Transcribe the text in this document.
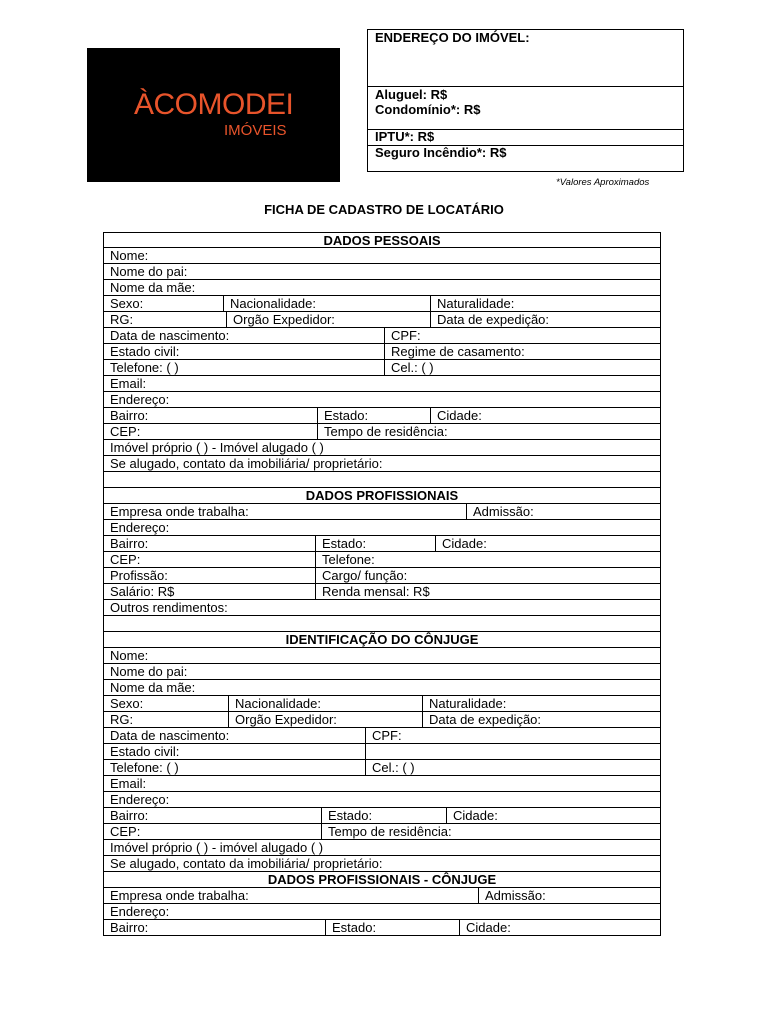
ÀCOMODEI
IMÓVEIS
ENDEREÇO DO IMÓVEL:
Aluguel: R$
Condomínio*: R$
IPTU*: R$
Seguro Incêndio*: R$
*Valores Aproximados
FICHA DE CADASTRO DE LOCATÁRIO
DADOS PESSOAIS
Nome:
Nome do pai:
Nome da mãe:
Sexo:	Nacionalidade:	Naturalidade:
RG:	Orgão Expedidor:	Data de expedição:
Data de nascimento:	CPF:
Estado civil:	Regime de casamento:
Telefone: ( )	Cel.: ( )
Email:
Endereço:
Bairro:	Estado:	Cidade:
CEP:	Tempo de residência:
Imóvel próprio ( ) - Imóvel alugado ( )
Se alugado, contato da imobiliária/ proprietário:
DADOS PROFISSIONAIS
Empresa onde trabalha:	Admissão:
Endereço:
Bairro:	Estado:	Cidade:
CEP:	Telefone:
Profissão:	Cargo/ função:
Salário: R$	Renda mensal: R$
Outros rendimentos:
IDENTIFICAÇÃO DO CÔNJUGE
Nome:
Nome do pai:
Nome da mãe:
Sexo:	Nacionalidade:	Naturalidade:
RG:	Orgão Expedidor:	Data de expedição:
Data de nascimento:	CPF:
Estado civil:
Telefone: ( )	Cel.: ( )
Email:
Endereço:
Bairro:	Estado:	Cidade:
CEP:	Tempo de residência:
Imóvel próprio ( ) - imóvel alugado ( )
Se alugado, contato da imobiliária/ proprietário:
DADOS PROFISSIONAIS - CÔNJUGE
Empresa onde trabalha:	Admissão:
Endereço:
Bairro:	Estado:	Cidade:
